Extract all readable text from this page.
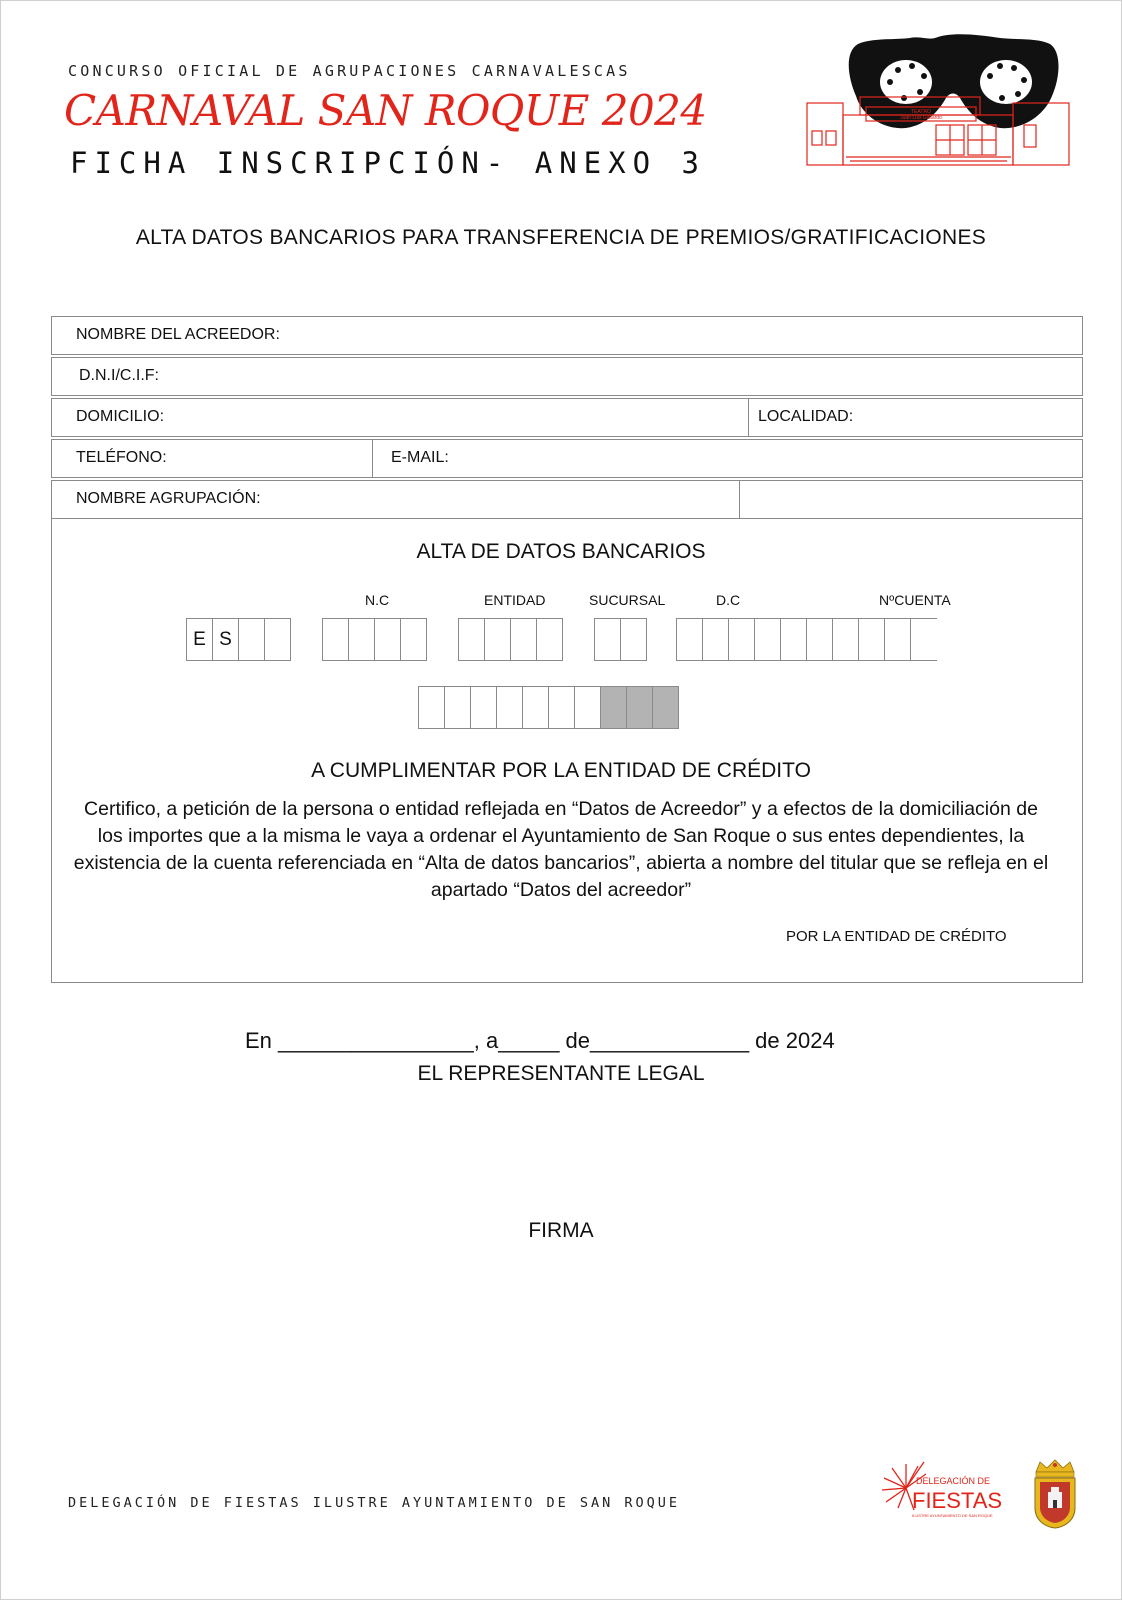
CONCURSO OFICIAL DE AGRUPACIONES CARNAVALESCAS
CARNAVAL SAN ROQUE 2024
FICHA INSCRIPCIÓN- ANEXO 3
TEATRO
Juan Luis Galiardo
ALTA DATOS BANCARIOS PARA TRANSFERENCIA DE PREMIOS/GRATIFICACIONES
NOMBRE DEL ACREEDOR:
D.N.I/C.I.F:
DOMICILIO:	LOCALIDAD:
TELÉFONO:	E-MAIL:
NOMBRE AGRUPACIÓN:
ALTA DE DATOS BANCARIOS
N.C	ENTIDAD	SUCURSAL	D.C	NºCUENTA
E S
A CUMPLIMENTAR POR LA ENTIDAD DE CRÉDITO
Certifico, a petición de la persona o entidad reflejada en “Datos de Acreedor” y a efectos de la domiciliación de los importes que a la misma le vaya a ordenar el Ayuntamiento de San Roque o sus entes dependientes, la existencia de la cuenta referenciada en “Alta de datos bancarios”, abierta a nombre del titular que se refleja en el apartado “Datos del acreedor”
POR LA ENTIDAD DE CRÉDITO
En ________________, a_____ de_____________ de 2024
EL REPRESENTANTE LEGAL
FIRMA
DELEGACIÓN DE FIESTAS ILUSTRE AYUNTAMIENTO DE SAN ROQUE
DELEGACIÓN DE
FIESTAS
ILUSTRE AYUNTAMIENTO DE SAN ROQUE
